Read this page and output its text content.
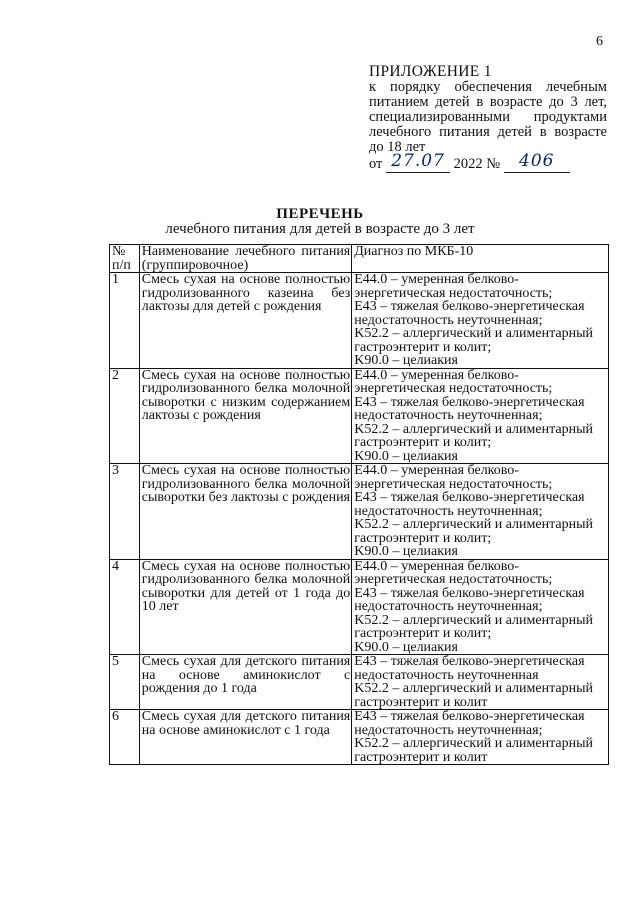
6
ПРИЛОЖЕНИЕ 1
к порядку обеспечения лечебным питанием детей в возрасте до 3 лет, специализированными продуктами лечебного питания детей в возрасте до 18 лет
от 27.07 2022 № 406
ПЕРЕЧЕНЬ
лечебного питания для детей в возрасте до 3 лет
№ п/п	Наименование лечебного питания (группировочное)	Диагноз по МКБ-10
1	Смесь сухая на основе полностью гидролизованного казеина без лактозы для детей с рождения	Е44.0 – умеренная белково-энергетическая недостаточность;
Е43 – тяжелая белково-энергетическая недостаточность неуточненная;
K52.2 – аллергический и алиментарный гастроэнтерит и колит;
K90.0 – целиакия

2	Смесь сухая на основе полностью гидролизованного белка молочной сыворотки с низким содержанием лактозы с рождения	Е44.0 – умеренная белково-энергетическая недостаточность;
Е43 – тяжелая белково-энергетическая недостаточность неуточненная;
K52.2 – аллергический и алиментарный гастроэнтерит и колит;
K90.0 – целиакия

3	Смесь сухая на основе полностью гидролизованного белка молочной сыворотки без лактозы с рождения	Е44.0 – умеренная белково-энергетическая недостаточность;
Е43 – тяжелая белково-энергетическая недостаточность неуточненная;
K52.2 – аллергический и алиментарный гастроэнтерит и колит;
K90.0 – целиакия

4	Смесь сухая на основе полностью гидролизованного белка молочной сыворотки для детей от 1 года до 10 лет	Е44.0 – умеренная белково-энергетическая недостаточность;
Е43 – тяжелая белково-энергетическая недостаточность неуточненная;
K52.2 – аллергический и алиментарный гастроэнтерит и колит;
K90.0 – целиакия

5	Смесь сухая для детского питания на основе аминокислот с рождения до 1 года	Е43 – тяжелая белково-энергетическая недостаточность неуточненная
K52.2 – аллергический и алиментарный гастроэнтерит и колит

6	Смесь сухая для детского питания на основе аминокислот с 1 года	Е43 – тяжелая белково-энергетическая недостаточность неуточненная;
K52.2 – аллергический и алиментарный гастроэнтерит и колит
